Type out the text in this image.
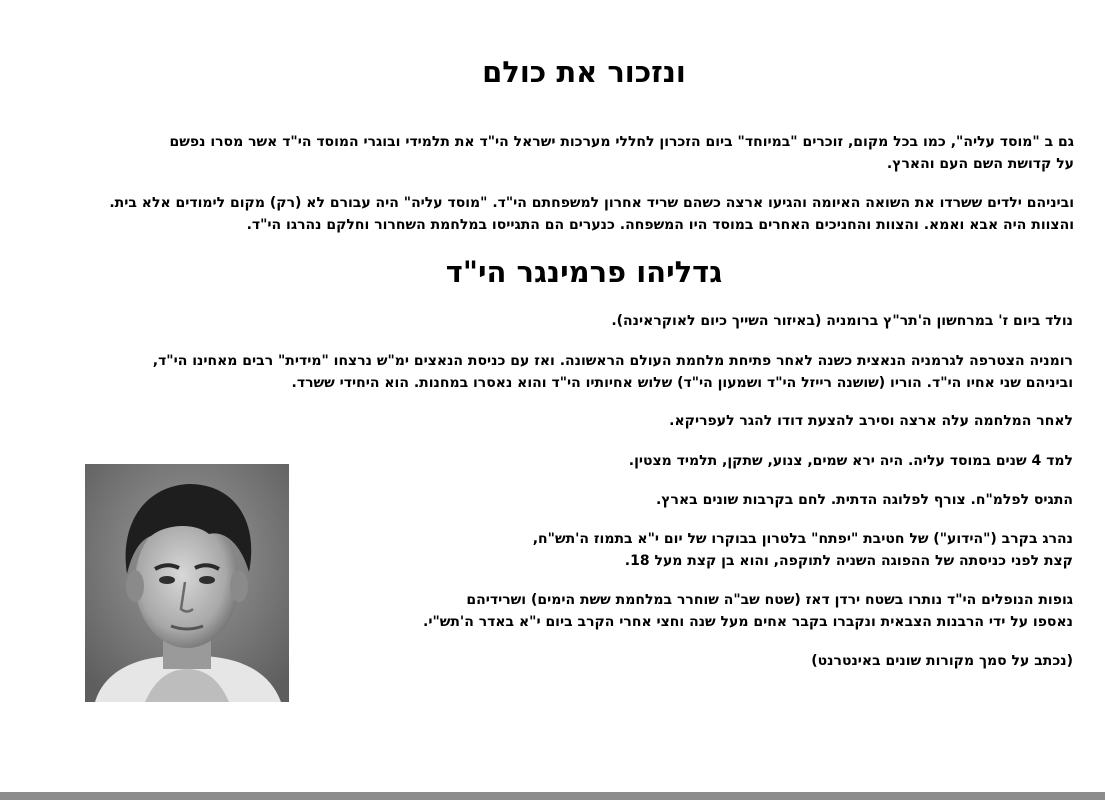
ונזכור את כולם

גם ב "מוסד עליה", כמו בכל מקום, זוכרים "במיוחד" ביום הזכרון לחללי מערכות ישראל הי"ד את תלמידי ובוגרי המוסד הי"ד אשר מסרו נפשם
על קדושת השם העם והארץ.

וביניהם ילדים ששרדו את השואה האיומה והגיעו ארצה כשהם שריד אחרון למשפחתם הי"ד. "מוסד עליה" היה עבורם לא (רק) מקום לימודים אלא בית.
והצוות היה אבא ואמא. והצוות והחניכים האחרים במוסד היו המשפחה. כנערים הם התגייסו במלחמת השחרור וחלקם נהרגו הי"ד.

גדליהו פרמינגר הי"ד

נולד ביום ז' במרחשון ה'תר"ץ ברומניה (באיזור השייך כיום לאוקראינה).

רומניה הצטרפה לגרמניה הנאצית כשנה לאחר פתיחת מלחמת העולם הראשונה. ואז עם כניסת הנאצים ימ"ש נרצחו "מידית" רבים מאחינו הי"ד,
וביניהם שני אחיו הי"ד. הוריו (שושנה רייזל הי"ד ושמעון הי"ד) שלוש אחיותיו הי"ד והוא נאסרו במחנות. הוא היחידי ששרד.

לאחר המלחמה עלה ארצה וסירב להצעת דודו להגר לעפריקא.

למד 4 שנים במוסד עליה. היה ירא שמים, צנוע, שתקן, תלמיד מצטין.

התגיס לפלמ"ח. צורף לפלוגה הדתית. לחם בקרבות שונים בארץ.

נהרג בקרב ("הידוע") של חטיבת "יפתח" בלטרון בבוקרו של יום י"א בתמוז ה'תש"ח,
קצת לפני כניסתה של ההפוגה השניה לתוקפה, והוא בן קצת מעל 18.

גופות הנופלים הי"ד נותרו בשטח ירדן דאז (שטח שב"ה שוחרר במלחמת ששת הימים) ושרידיהם
נאספו על ידי הרבנות הצבאית ונקברו בקבר אחים מעל שנה וחצי אחרי הקרב ביום י"א באדר ה'תש"י.

(נכתב על סמך מקורות שונים באינטרנט)
